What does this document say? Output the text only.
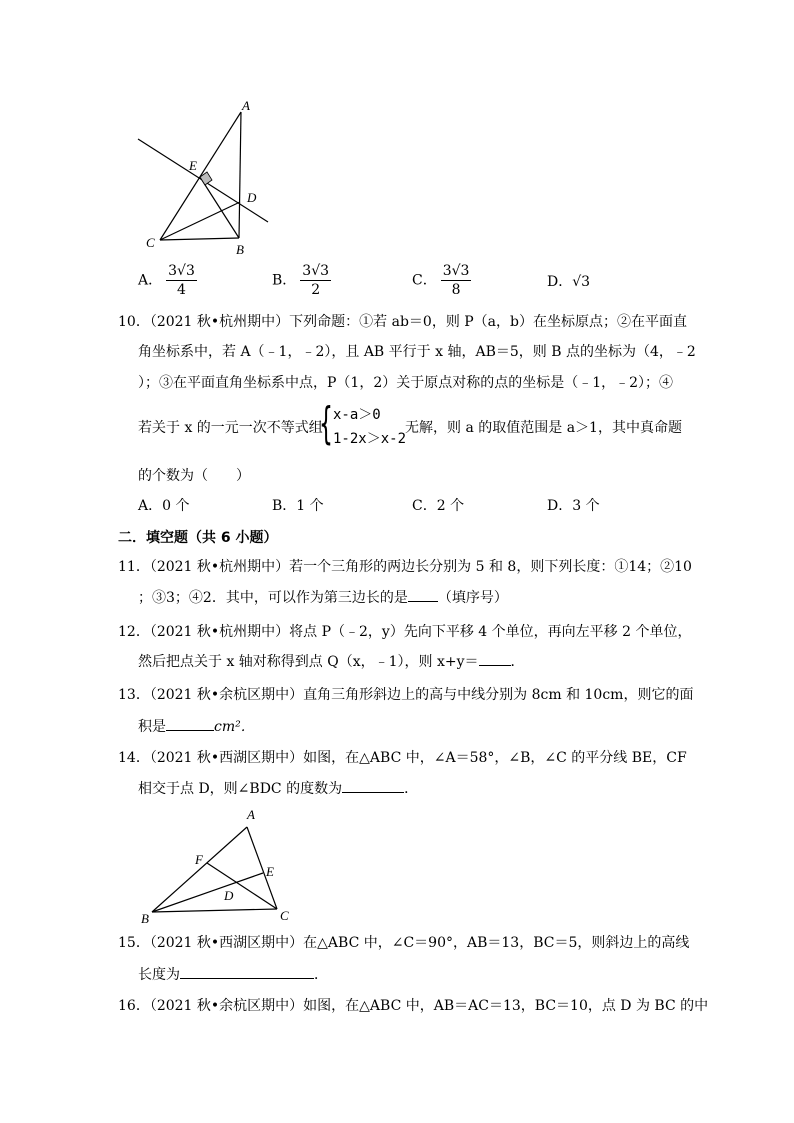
A
E
D
C	B
A． $\frac{3√3}{4}$	B． $\frac{3√3}{2}$	C． $\frac{3√3}{8}$	D．√3
10．（2021 秋•杭州期中）下列命题：①若 ab＝0，则 P（a，b）在坐标原点；②在平面直
角坐标系中，若 A（﹣1，﹣2），且 AB 平行于 x 轴，AB＝5，则 B 点的坐标为（4，﹣2
）；③在平面直角坐标系中点，P（1，2）关于原点对称的点的坐标是（﹣1，﹣2）；④
若关于 x 的一元一次不等式组
{ x-a＞0
1-2x＞x-2
无解，则 a 的取值范围是 a＞1，其中真命题
的个数为（　　）
A．0 个	B．1 个	C．2 个	D．3 个
二．填空题（共 6 小题）
11．（2021 秋•杭州期中）若一个三角形的两边长分别为 5 和 8，则下列长度：①14；②10
；③3；④2．其中，可以作为第三边长的是 （填序号）
12．（2021 秋•杭州期中）将点 P（﹣2，y）先向下平移 4 个单位，再向左平移 2 个单位，
然后把点关于 x 轴对称得到点 Q（x，﹣1），则 x+y＝ ．
13．（2021 秋•余杭区期中）直角三角形斜边上的高与中线分别为 8cm 和 10cm，则它的面
积是	cm²．
14．（2021 秋•西湖区期中）如图，在△ABC 中，∠A＝58°，∠B，∠C 的平分线 BE，CF
相交于点 D，则∠BDC 的度数为	．
A
F
E
D
B	C
15．（2021 秋•西湖区期中）在△ABC 中，∠C＝90°，AB＝13，BC＝5，则斜边上的高线
长度为	．
16．（2021 秋•余杭区期中）如图，在△ABC 中，AB＝AC＝13，BC＝10，点 D 为 BC 的中
